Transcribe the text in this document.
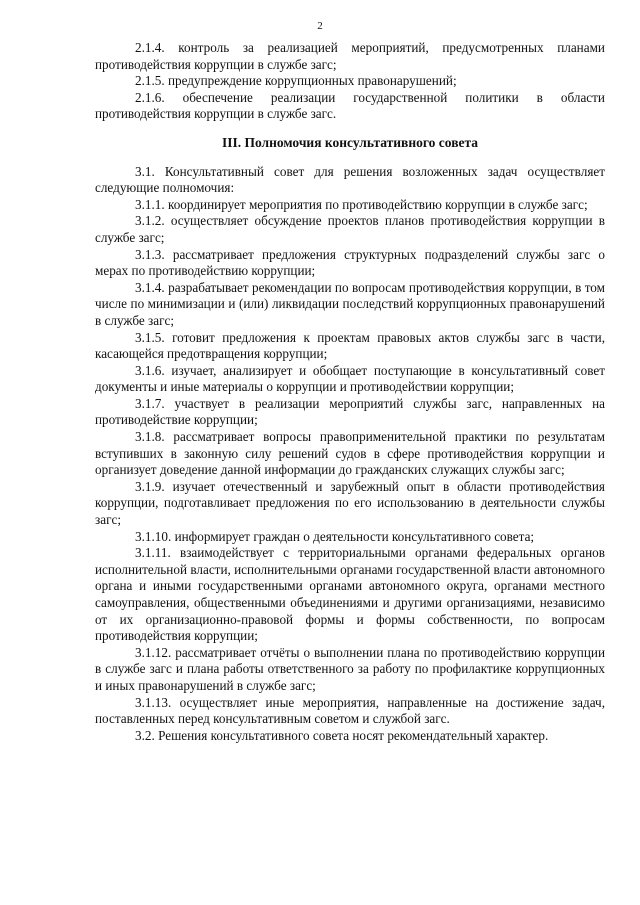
2

2.1.4. контроль за реализацией мероприятий, предусмотренных планами противодействия коррупции в службе загс;

2.1.5. предупреждение коррупционных правонарушений;

2.1.6. обеспечение реализации государственной политики в области противодействия коррупции в службе загс.

III. Полномочия консультативного совета

3.1. Консультативный совет для решения возложенных задач осуществляет следующие полномочия:

3.1.1. координирует мероприятия по противодействию коррупции в службе загс;

3.1.2. осуществляет обсуждение проектов планов противодействия коррупции в службе загс;

3.1.3. рассматривает предложения структурных подразделений службы загс о мерах по противодействию коррупции;

3.1.4. разрабатывает рекомендации по вопросам противодействия коррупции, в том числе по минимизации и (или) ликвидации последствий коррупционных правонарушений в службе загс;

3.1.5. готовит предложения к проектам правовых актов службы загс в части, касающейся предотвращения коррупции;

3.1.6. изучает, анализирует и обобщает поступающие в консультативный совет документы и иные материалы о коррупции и противодействии коррупции;

3.1.7. участвует в реализации мероприятий службы загс, направленных на противодействие коррупции;

3.1.8. рассматривает вопросы правоприменительной практики по результатам вступивших в законную силу решений судов в сфере противодействия коррупции и организует доведение данной информации до гражданских служащих службы загс;

3.1.9. изучает отечественный и зарубежный опыт в области противодействия коррупции, подготавливает предложения по его использованию в деятельности службы загс;

3.1.10. информирует граждан о деятельности консультативного совета;

3.1.11. взаимодействует с территориальными органами федеральных органов исполнительной власти, исполнительными органами государственной власти автономного органа и иными государственными органами автономного округа, органами местного самоуправления, общественными объединениями и другими организациями, независимо от их организационно-правовой формы и формы собственности, по вопросам противодействия коррупции;

3.1.12. рассматривает отчёты о выполнении плана по противодействию коррупции в службе загс и плана работы ответственного за работу по профилактике коррупционных и иных правонарушений в службе загс;

3.1.13. осуществляет иные мероприятия, направленные на достижение задач, поставленных перед консультативным советом и службой загс.

3.2. Решения консультативного совета носят рекомендательный характер.
